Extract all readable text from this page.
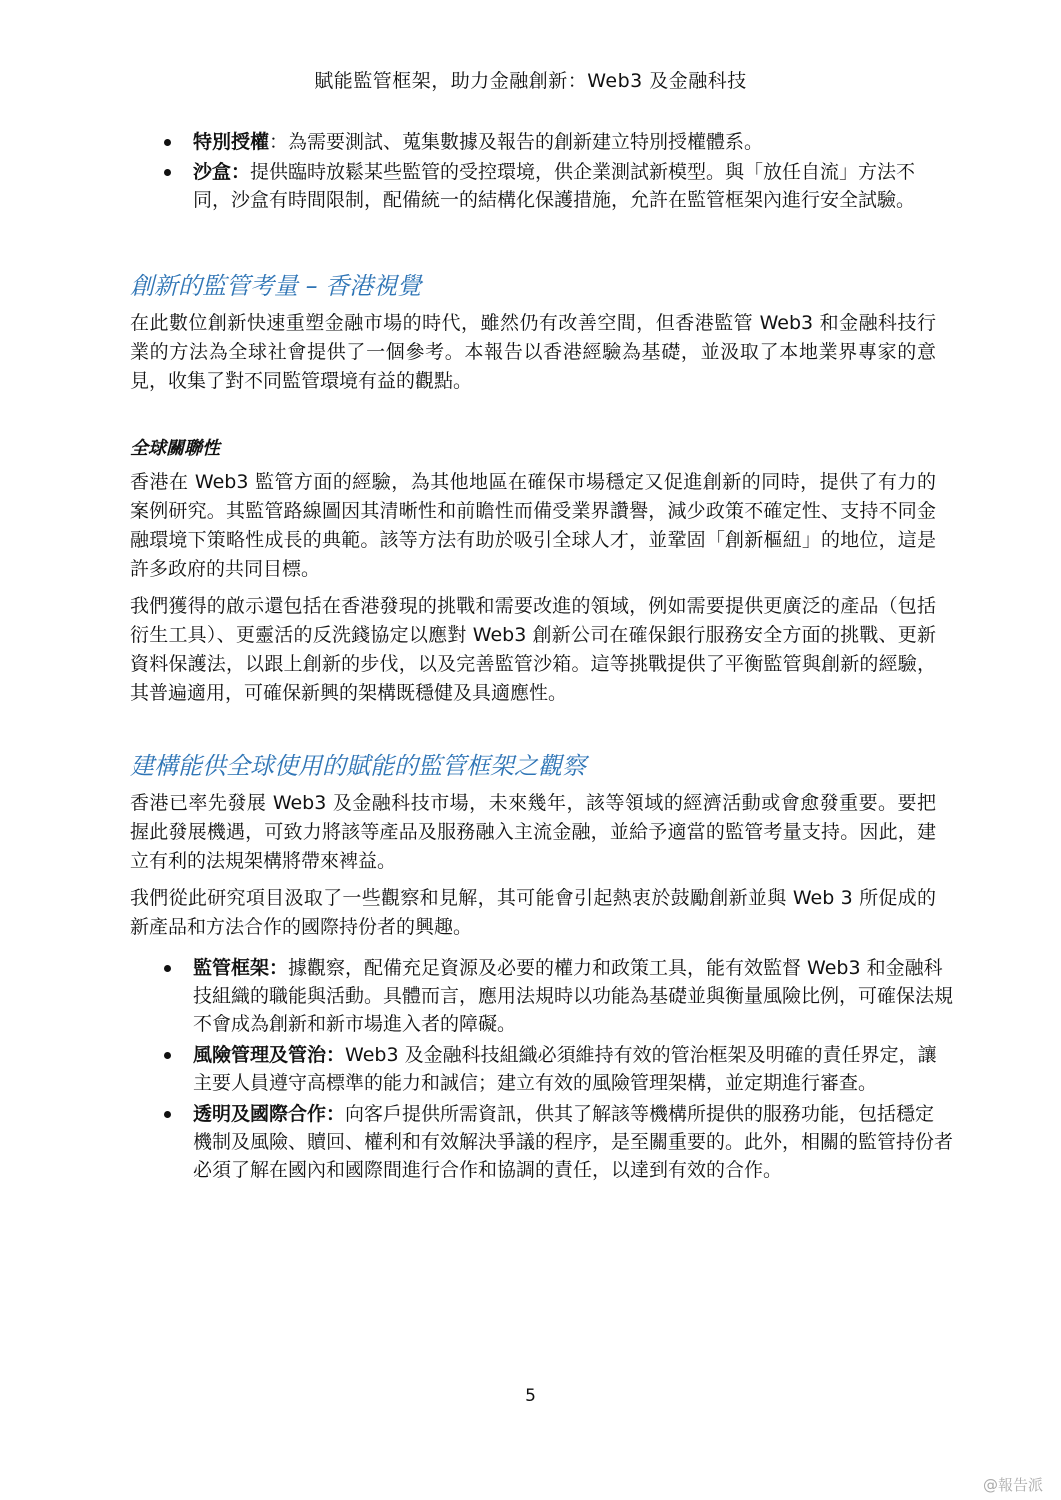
賦能監管框架，助力金融創新：Web3 及金融科技
特別授權：為需要測試、蒐集數據及報告的創新建立特別授權體系。
沙盒：提供臨時放鬆某些監管的受控環境，供企業測試新模型。與「放任自流」方法不同，沙盒有時間限制，配備統一的結構化保護措施，允許在監管框架內進行安全試驗。
創新的監管考量 – 香港視覺

在此數位創新快速重塑金融市場的時代，雖然仍有改善空間，但香港監管 Web3 和金融科技行業的方法為全球社會提供了一個參考。本報告以香港經驗為基礎，並汲取了本地業界專家的意見，收集了對不同監管環境有益的觀點。

全球關聯性

香港在 Web3 監管方面的經驗，為其他地區在確保市場穩定又促進創新的同時，提供了有力的案例研究。其監管路線圖因其清晰性和前瞻性而備受業界讚譽，減少政策不確定性、支持不同金融環境下策略性成長的典範。該等方法有助於吸引全球人才，並鞏固「創新樞紐」的地位，這是許多政府的共同目標。

我們獲得的啟示還包括在香港發現的挑戰和需要改進的領域，例如需要提供更廣泛的產品（包括衍生工具）、更靈活的反洗錢協定以應對 Web3 創新公司在確保銀行服務安全方面的挑戰、更新資料保護法，以跟上創新的步伐，以及完善監管沙箱。這等挑戰提供了平衡監管與創新的經驗，其普遍適用，可確保新興的架構既穩健及具適應性。

建構能供全球使用的賦能的監管框架之觀察

香港已率先發展 Web3 及金融科技市場，未來幾年，該等領域的經濟活動或會愈發重要。要把握此發展機遇，可致力將該等產品及服務融入主流金融，並給予適當的監管考量支持。因此，建立有利的法規架構將帶來裨益。

我們從此研究項目汲取了一些觀察和見解，其可能會引起熱衷於鼓勵創新並與 Web 3 所促成的新產品和方法合作的國際持份者的興趣。

監管框架：據觀察，配備充足資源及必要的權力和政策工具，能有效監督 Web3 和金融科技組織的職能與活動。具體而言，應用法規時以功能為基礎並與衡量風險比例，可確保法規不會成為創新和新市場進入者的障礙。
風險管理及管治：Web3 及金融科技組織必須維持有效的管治框架及明確的責任界定，讓主要人員遵守高標準的能力和誠信；建立有效的風險管理架構，並定期進行審查。
透明及國際合作：向客戶提供所需資訊，供其了解該等機構所提供的服務功能，包括穩定機制及風險、贖回、權利和有效解決爭議的程序，是至關重要的。此外，相關的監管持份者必須了解在國內和國際間進行合作和協調的責任，以達到有效的合作。
5
@報告派
